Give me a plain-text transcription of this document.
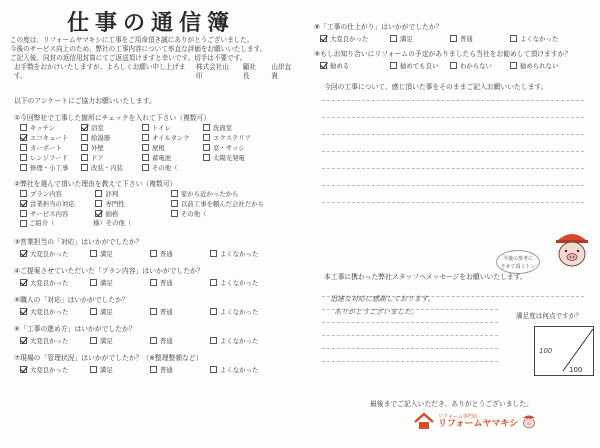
仕事の通信簿
この度は、リフォームヤマキシに工事をご用命頂き誠にありがとうございました。
今後のサービス向上のため、弊社の工事内容について率直な評価をお願いいたします。
ご記入後、同封の返信用封筒にてご返送頂けますと幸いです。切手は不要です。
お手数をおかけいたしますが、よろしくお願い申し上げます。
株式会社山印
顧社長
山岸直貴
以下のアンケートにご協力お願いいたします。
①今回弊社で工事した箇所にチェックを入れて下さい（複数可）
キッチン	浴室	トイレ	洗面室
エコキュート	給湯器	オイルタンク	エクステリア
カーポート	外壁	屋根	窓・サッシ
レンジフード	ドア	蓄電池	太陽光発電
修理・小工事	改装・内装	その他（
②弊社を選んで頂いた理由を教えて下さい（複数可）
プラン内容	評判	家から近かったから
営業担当の対応	専門性	以前工事を頼んだ会社だから
サービス内容	価格	その他（
ご紹介（　　　　　　様）その他（
③営業担当の「対応」はいかがでしたか？
大変良かった	満足	普通	よくなかった
④ご提案させていただいた「プラン内容」はいかがでしたか？
大変良かった	満足	普通	よくなかった
⑤職人の「対応」はいかがでしたか？
大変良かった	満足	普通	よくなかった
⑥「工事の進め方」はいかがでしたか？
大変良かった	満足	普通	よくなかった
⑦現場の「管理状況」はいかがでしたか？（※整理整頓など）
大変良かった	満足	普通	よくなかった
⑧「工事の仕上がり」はいかがでしたか？
大変良かった	満足	普通	よくなかった
⑨もしお知り合いにリフォームの予定がありましたら当社をお勧めして頂けますか？
勧める	勧めても良い	わからない	勧められない
今回の工事について、感じ頂いた事をそのままご記入お願いいたします。
今後の参考に
させて頂くトン
本工事に携わった弊社スタッフへメッセージをお願いいたします。
迅速な対応に感謝しております。
ありがとうございました。	満足度は何点ですか？
100
100
最後までご記入いただき、ありがとうございました。
リフォーム専門店
リフォームヤマキシ
